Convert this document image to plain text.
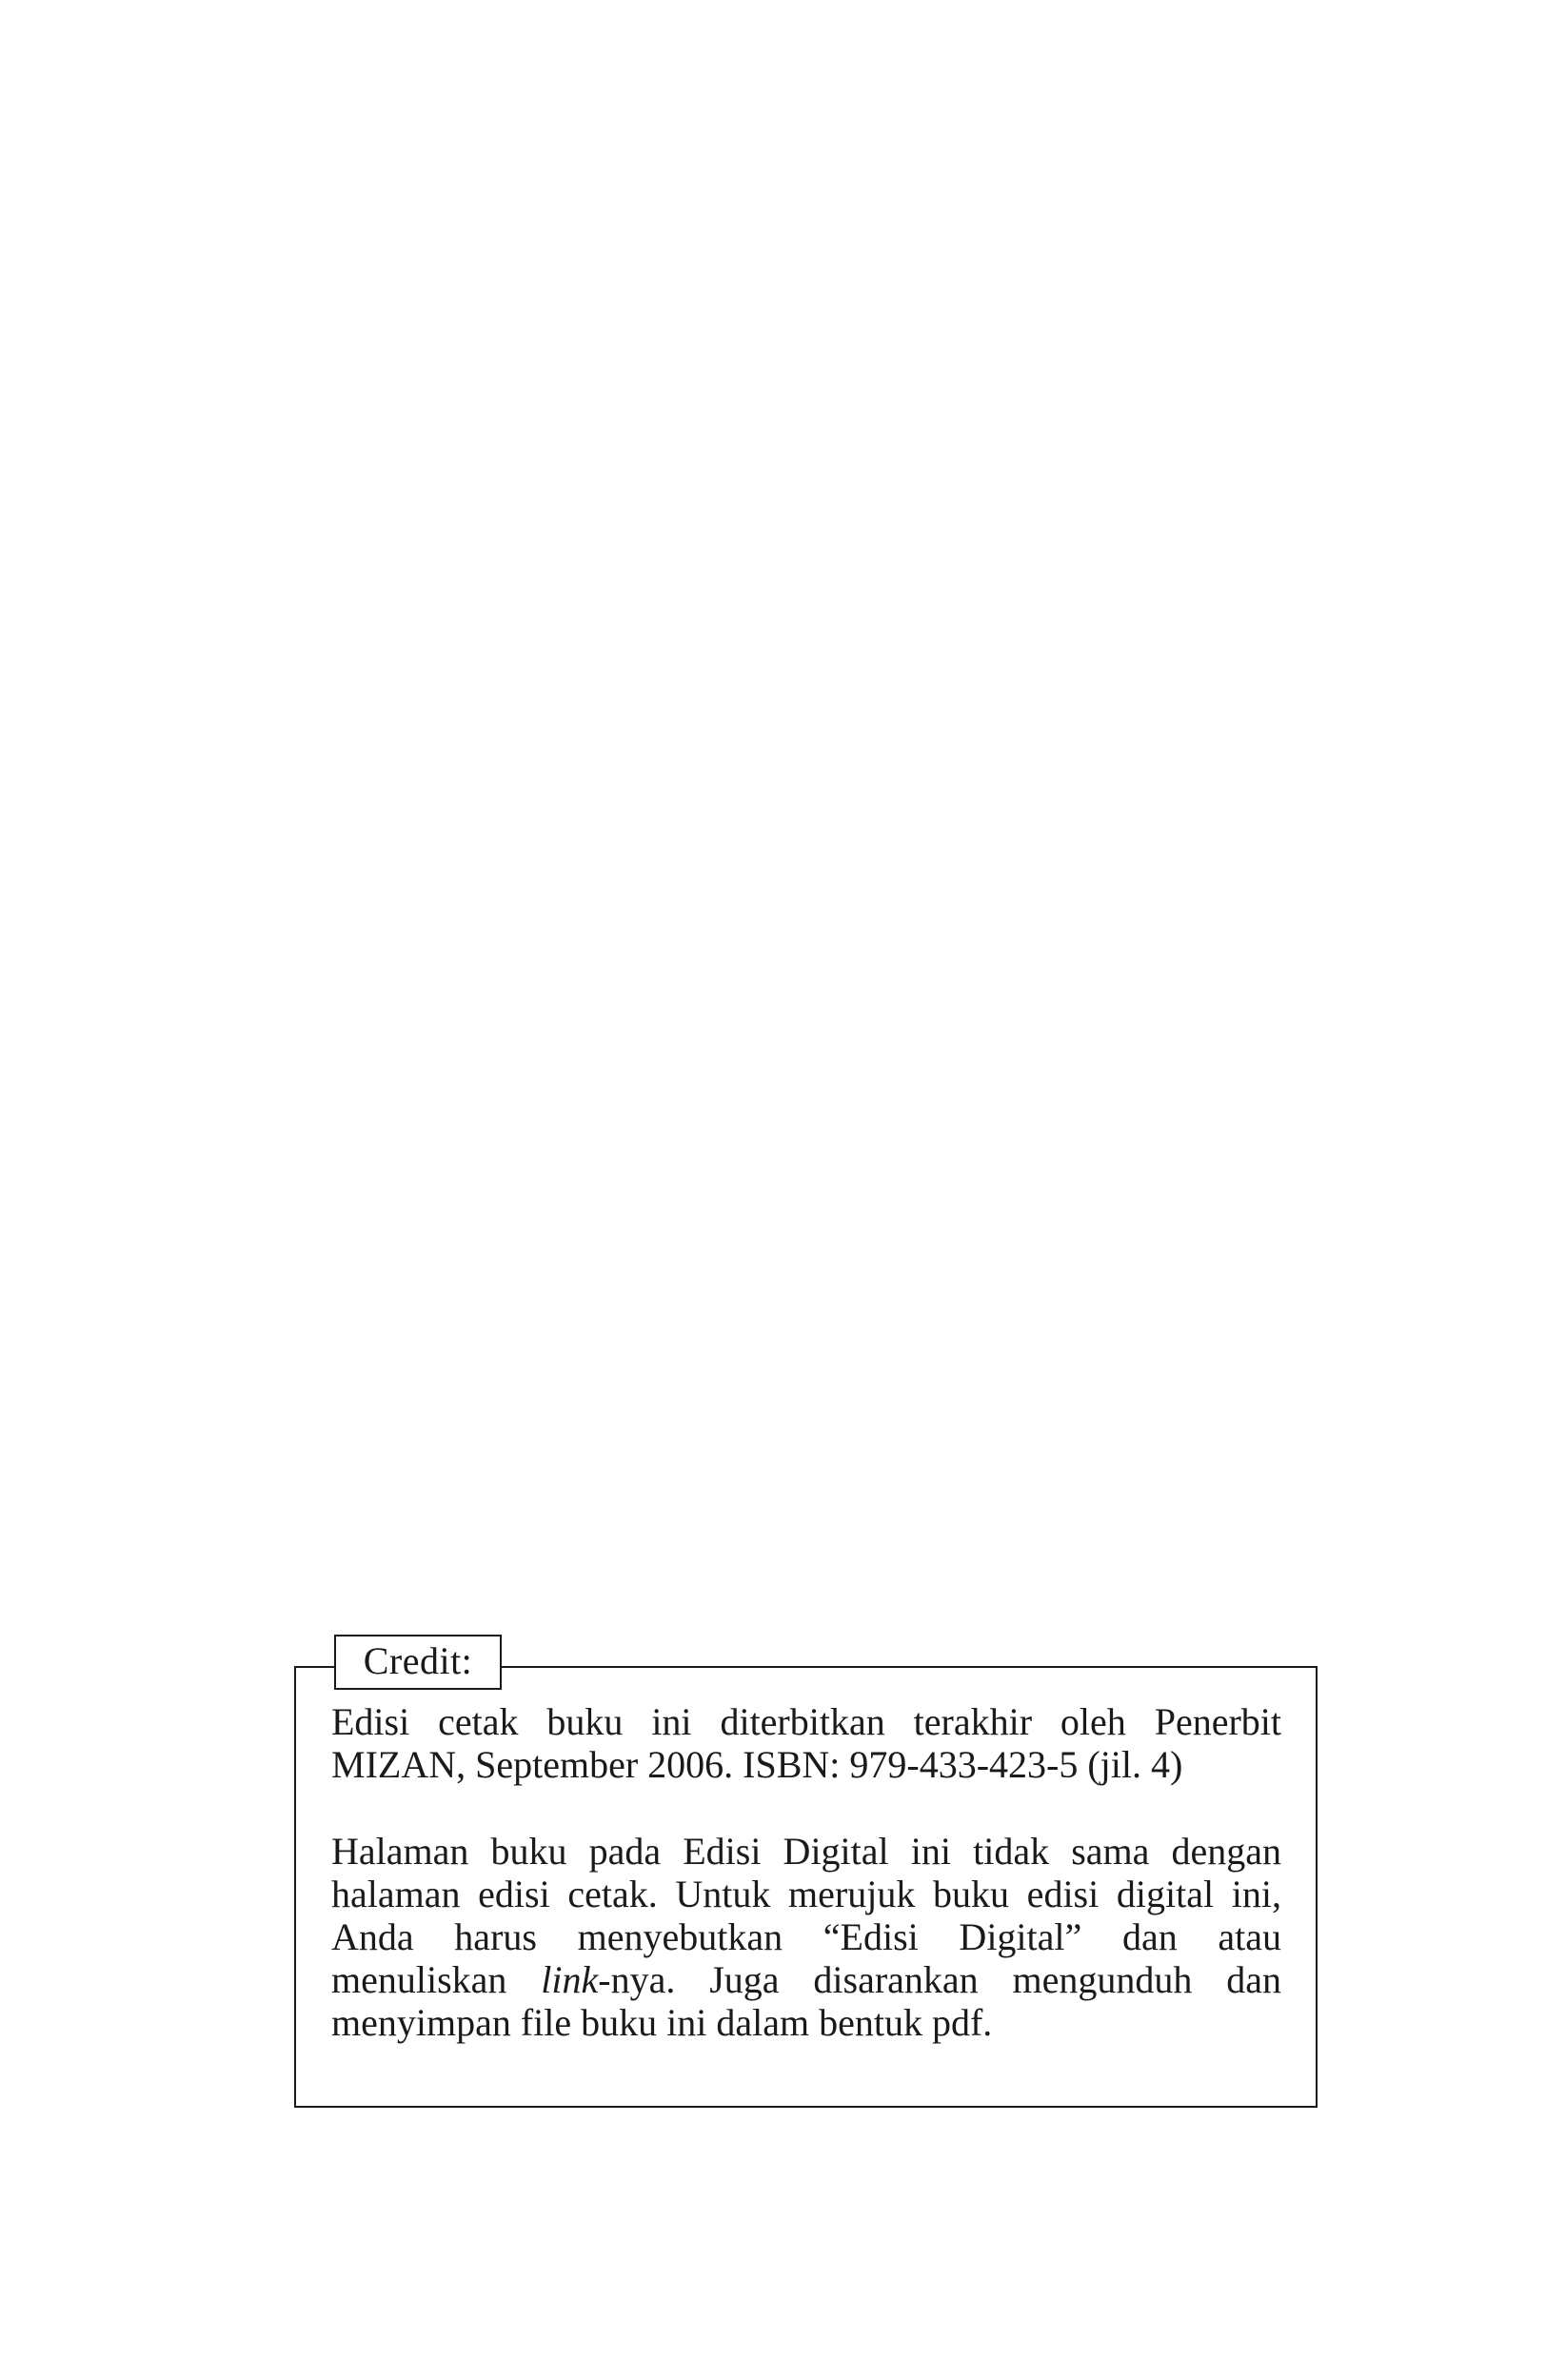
Credit:

Edisi cetak buku ini diterbitkan terakhir oleh Penerbit
MIZAN, September 2006. ISBN: 979-433-423-5 (jil. 4)

Halaman buku pada Edisi Digital ini tidak sama dengan
halaman edisi cetak. Untuk merujuk buku edisi digital ini,
Anda harus menyebutkan “Edisi Digital” dan atau
menuliskan link-nya. Juga disarankan mengunduh dan
menyimpan file buku ini dalam bentuk pdf.
